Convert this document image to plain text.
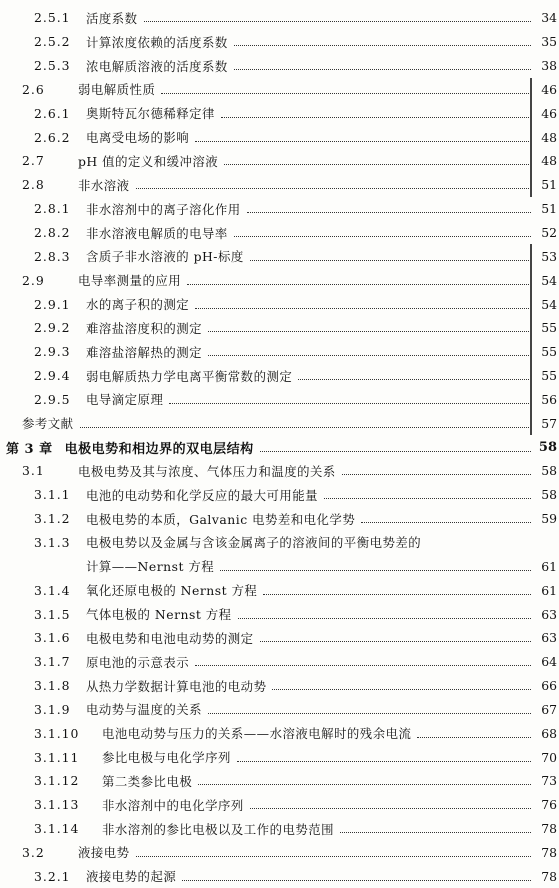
2.5.1	活度系数	34
2.5.2	计算浓度依赖的活度系数	35
2.5.3	浓电解质溶液的活度系数	38
2.6	弱电解质性质	46
2.6.1	奥斯特瓦尔德稀释定律	46
2.6.2	电离受电场的影响	48
2.7	pH 值的定义和缓冲溶液	48
2.8	非水溶液	51
2.8.1	非水溶剂中的离子溶化作用	51
2.8.2	非水溶液电解质的电导率	52
2.8.3	含质子非水溶液的 pH-标度	53
2.9	电导率测量的应用	54
2.9.1	水的离子积的测定	54
2.9.2	难溶盐溶度积的测定	55
2.9.3	难溶盐溶解热的测定	55
2.9.4	弱电解质热力学电离平衡常数的测定	55
2.9.5	电导滴定原理	56
参考文献	57
第 3 章 电极电势和相边界的双电层结构	58
3.1	电极电势及其与浓度、气体压力和温度的关系	58
3.1.1	电池的电动势和化学反应的最大可用能量	58
3.1.2	电极电势的本质，Galvanic 电势差和电化学势	59
3.1.3	电极电势以及金属与含该金属离子的溶液间的平衡电势差的
计算——Nernst 方程	61
3.1.4	氧化还原电极的 Nernst 方程	61
3.1.5	气体电极的 Nernst 方程	63
3.1.6	电极电势和电池电动势的测定	63
3.1.7	原电池的示意表示	64
3.1.8	从热力学数据计算电池的电动势	66
3.1.9	电动势与温度的关系	67
3.1.10	电池电动势与压力的关系——水溶液电解时的残余电流	68
3.1.11	参比电极与电化学序列	70
3.1.12	第二类参比电极	73
3.1.13	非水溶剂中的电化学序列	76
3.1.14	非水溶剂的参比电极以及工作的电势范围	78
3.2	液接电势	78
3.2.1	液接电势的起源	78
